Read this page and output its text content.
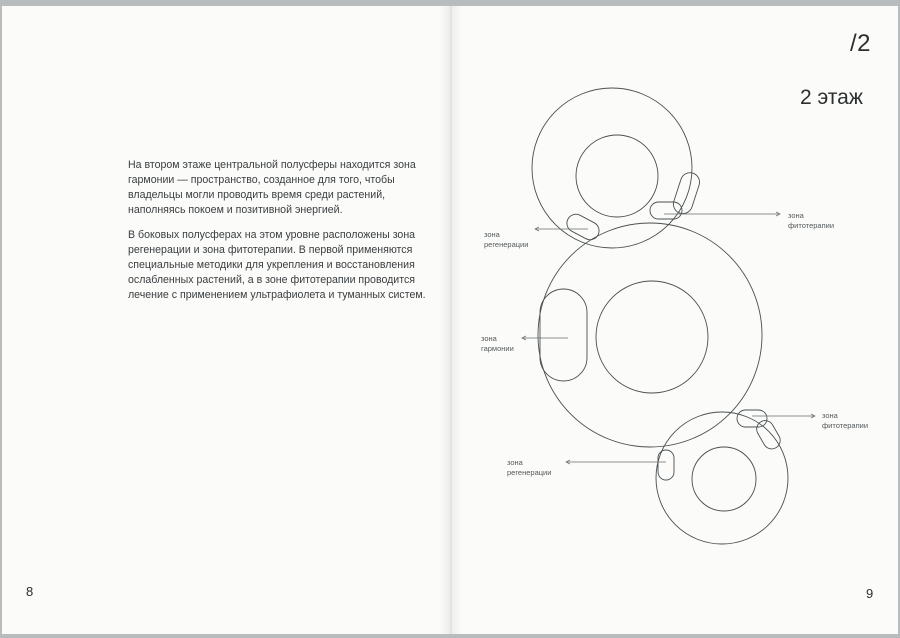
На втором этаже центральной полусферы находится зона гармонии — пространство, созданное для того, чтобы владельцы могли проводить время среди растений, наполняясь покоем и позитивной энергией.

В боковых полусферах на этом уровне расположены зона регенерации и зона фитотерапии. В первой применяются специальные методики для укрепления и восстановления ослабленных растений, а в зоне фитотерапии проводится лечение с применением ультрафиолета и туманных систем.

8
/2
2 этаж
9
зона
фитотерапии
зона
регенерации
зона
гармонии
зона
фитотерапии
зона
регенерации
